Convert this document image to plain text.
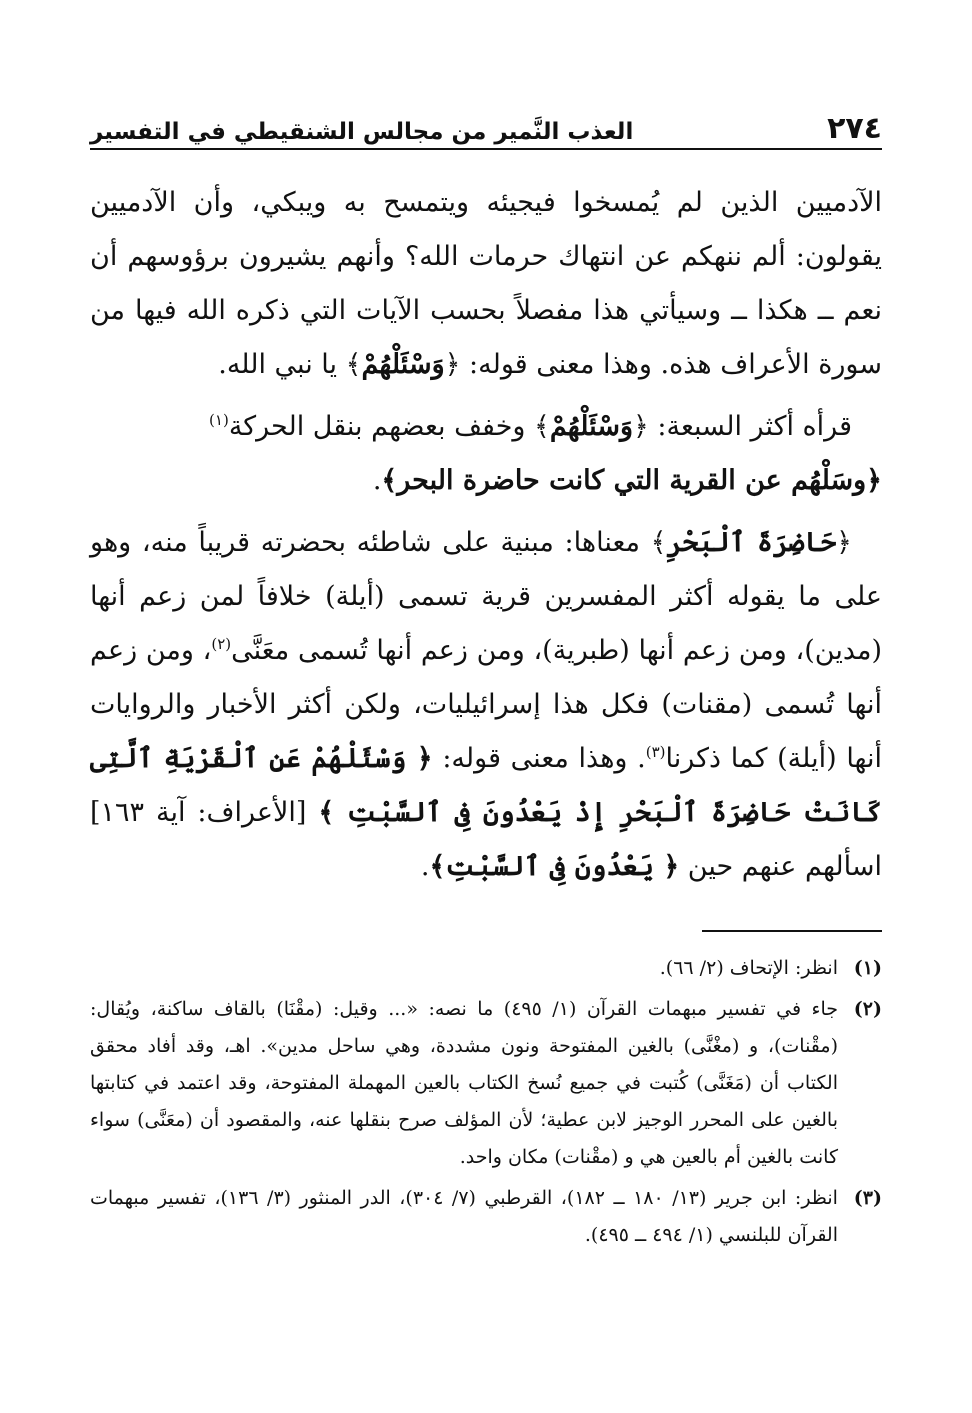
٢٧٤
العذب النَّمير من مجالس الشنقيطي في التفسير

الآدميين الذين لم يُمسخوا فيجيئه ويتمسح به ويبكي، وأن الآدميين يقولون: ألم ننهكم عن انتهاك حرمات الله؟ وأنهم يشيرون برؤوسهم أن نعم ــ هكذا ــ وسيأتي هذا مفصلاً بحسب الآيات التي ذكره الله فيها من سورة الأعراف هذه. وهذا معنى قوله: ﴿وَسْئَلْهُمْ﴾ يا نبي الله.

قرأه أكثر السبعة: ﴿وَسْئَلْهُمْ﴾ وخفف بعضهم بنقل الحركة$^{(١)}$
﴿وسَلْهُم عن القرية التي كانت حاضرة البحر﴾.

﴿حَاضِرَةَ ٱلْبَحْرِ﴾ معناها: مبنية على شاطئه بحضرته قريباً منه، وهو على ما يقوله أكثر المفسرين قرية تسمى (أيلة) خلافاً لمن زعم أنها (مدين)، ومن زعم أنها (طبرية)، ومن زعم أنها تُسمى معَنَّى$^{(٢)}$، ومن زعم أنها تُسمى (مقنات) فكل هذا إسرائيليات، ولكن أكثر الأخبار والروايات أنها (أيلة) كما ذكرنا$^{(٣)}$. وهذا معنى قوله: ﴿ وَسْئَلْهُمْ عَنِ ٱلْقَرْيَةِ ٱلَّتِى كَانَتْ حَاضِرَةَ ٱلْبَحْرِ إِذْ يَعْدُونَ فِى ٱلسَّبْتِ ﴾ [الأعراف: آية ١٦٣] اسألهم عنهم حين ﴿ يَعْدُونَ فِى ٱلسَّبْتِ﴾.

(١)
انظر: الإتحاف (٢/ ٦٦).
(٢)
جاء في تفسير مبهمات القرآن (١/ ٤٩٥) ما نصه: «... وقيل: (مقْنَا) بالقاف ساكنة، ويُقال: (مقْنات)، و (مغْنَّى) بالغين المفتوحة ونون مشددة، وهي ساحل مدين». اهـ، وقد أفاد محقق الكتاب أن (مَغَنَّى) كُتبت في جميع نُسخ الكتاب بالعين المهملة المفتوحة، وقد اعتمد في كتابتها بالغين على المحرر الوجيز لابن عطية؛ لأن المؤلف صرح بنقلها عنه، والمقصود أن (معَنَّى) سواء كانت بالغين أم بالعين هي و (مقْنات) مكان واحد.
(٣)
انظر: ابن جرير (١٣/ ١٨٠ ــ ١٨٢)، القرطبي (٧/ ٣٠٤)، الدر المنثور (٣/ ١٣٦)، تفسير مبهمات القرآن للبلنسي (١/ ٤٩٤ ــ ٤٩٥).
